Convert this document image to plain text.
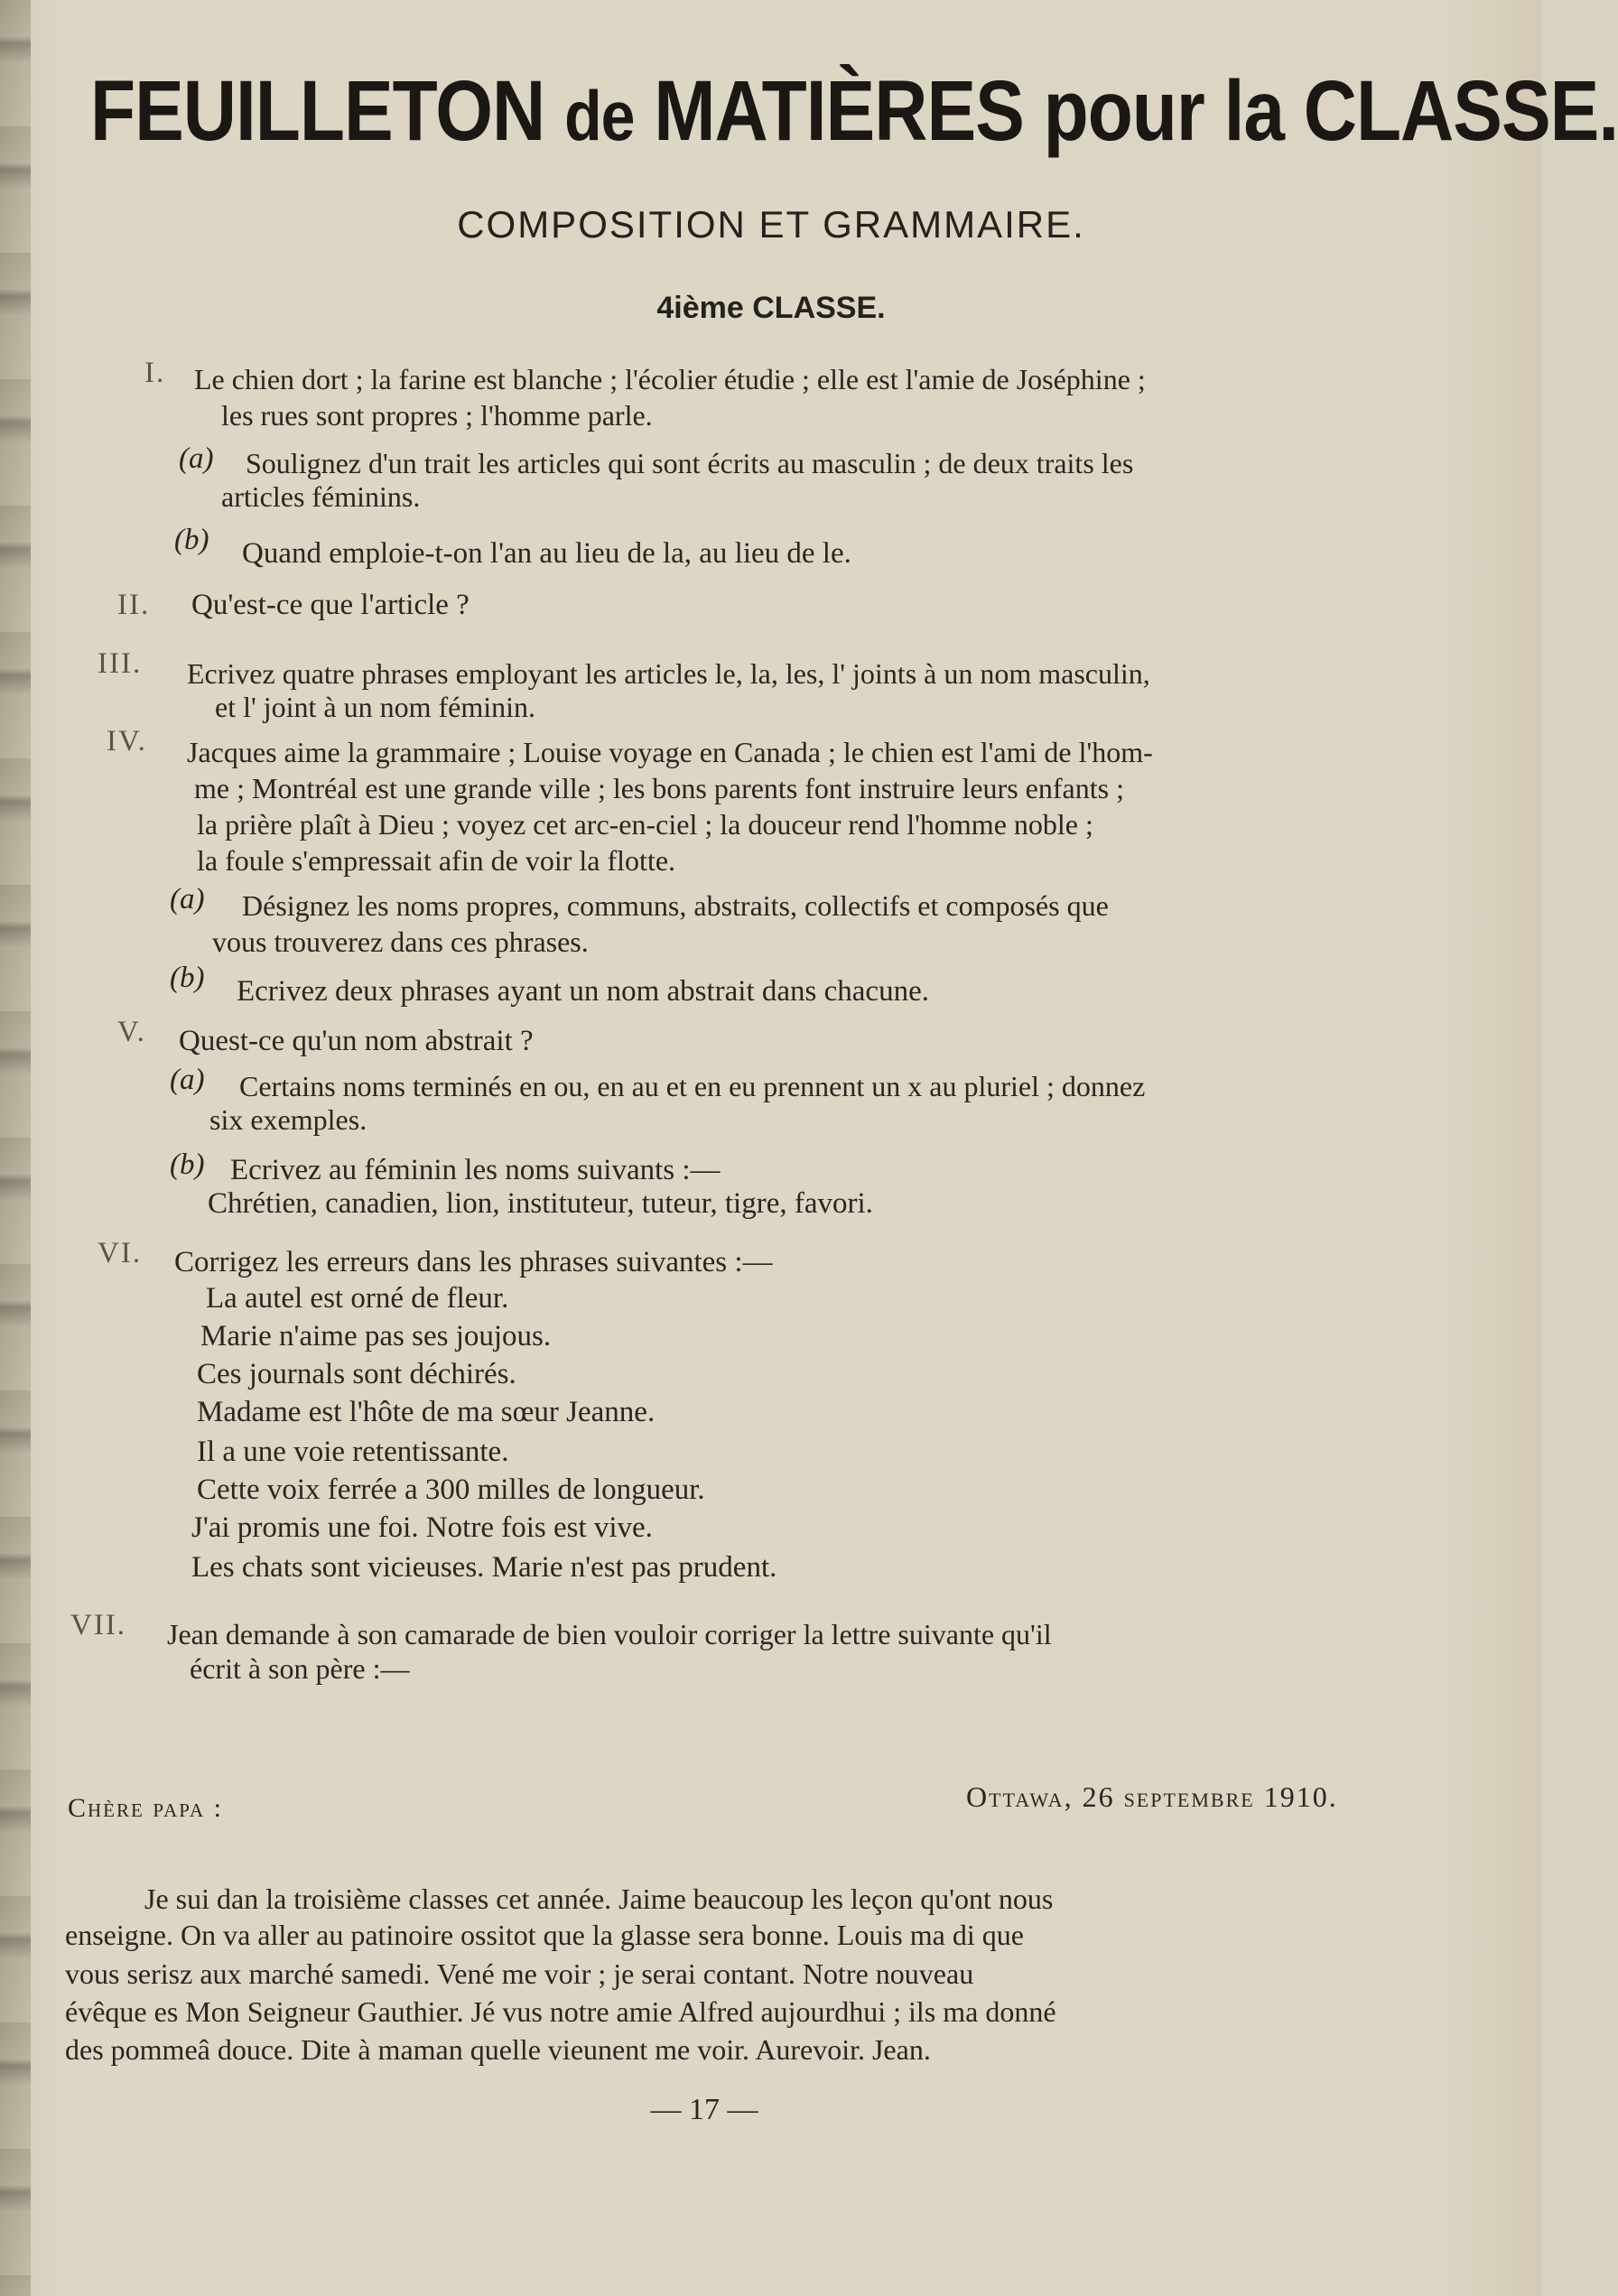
FEUILLETON de MATIÈRES pour la CLASSE.
COMPOSITION ET GRAMMAIRE.
4ième CLASSE.
I. Le chien dort ; la farine est blanche ; l'écolier étudie ; elle est l'amie de Joséphine ;
les rues sont propres ; l'homme parle.
(a) Soulignez d'un trait les articles qui sont écrits au masculin ; de deux traits les
articles féminins.
(b) Quand emploie-t-on l'an au lieu de la, au lieu de le.
II. Qu'est-ce que l'article ?
III. Ecrivez quatre phrases employant les articles le, la, les, l' joints à un nom masculin,
et l' joint à un nom féminin.
IV. Jacques aime la grammaire ; Louise voyage en Canada ; le chien est l'ami de l'hom-
me ; Montréal est une grande ville ; les bons parents font instruire leurs enfants ;
la prière plaît à Dieu ; voyez cet arc-en-ciel ; la douceur rend l'homme noble ;
la foule s'empressait afin de voir la flotte.
(a) Désignez les noms propres, communs, abstraits, collectifs et composés que
vous trouverez dans ces phrases.
(b) Ecrivez deux phrases ayant un nom abstrait dans chacune.
V. Quest-ce qu'un nom abstrait ?
(a) Certains noms terminés en ou, en au et en eu prennent un x au pluriel ; donnez
six exemples.
(b) Ecrivez au féminin les noms suivants :—
Chrétien, canadien, lion, instituteur, tuteur, tigre, favori.
VI. Corrigez les erreurs dans les phrases suivantes :—
La autel est orné de fleur.
Marie n'aime pas ses joujous.
Ces journals sont déchirés.
Madame est l'hôte de ma sœur Jeanne.
Il a une voie retentissante.
Cette voix ferrée a 300 milles de longueur.
J'ai promis une foi. Notre fois est vive.
Les chats sont vicieuses. Marie n'est pas prudent.
VII. Jean demande à son camarade de bien vouloir corriger la lettre suivante qu'il
écrit à son père :—
Chère papa :	Ottawa, 26 septembre 1910.
Je sui dan la troisième classes cet année. Jaime beaucoup les leçon qu'ont nous
enseigne. On va aller au patinoire ossitot que la glasse sera bonne. Louis ma di que
vous serisz aux marché samedi. Vené me voir ; je serai contant. Notre nouveau
évêque es Mon Seigneur Gauthier. Jé vus notre amie Alfred aujourdhui ; ils ma donné
des pommeâ douce. Dite à maman quelle vieunent me voir. Aurevoir. Jean.
— 17 —
